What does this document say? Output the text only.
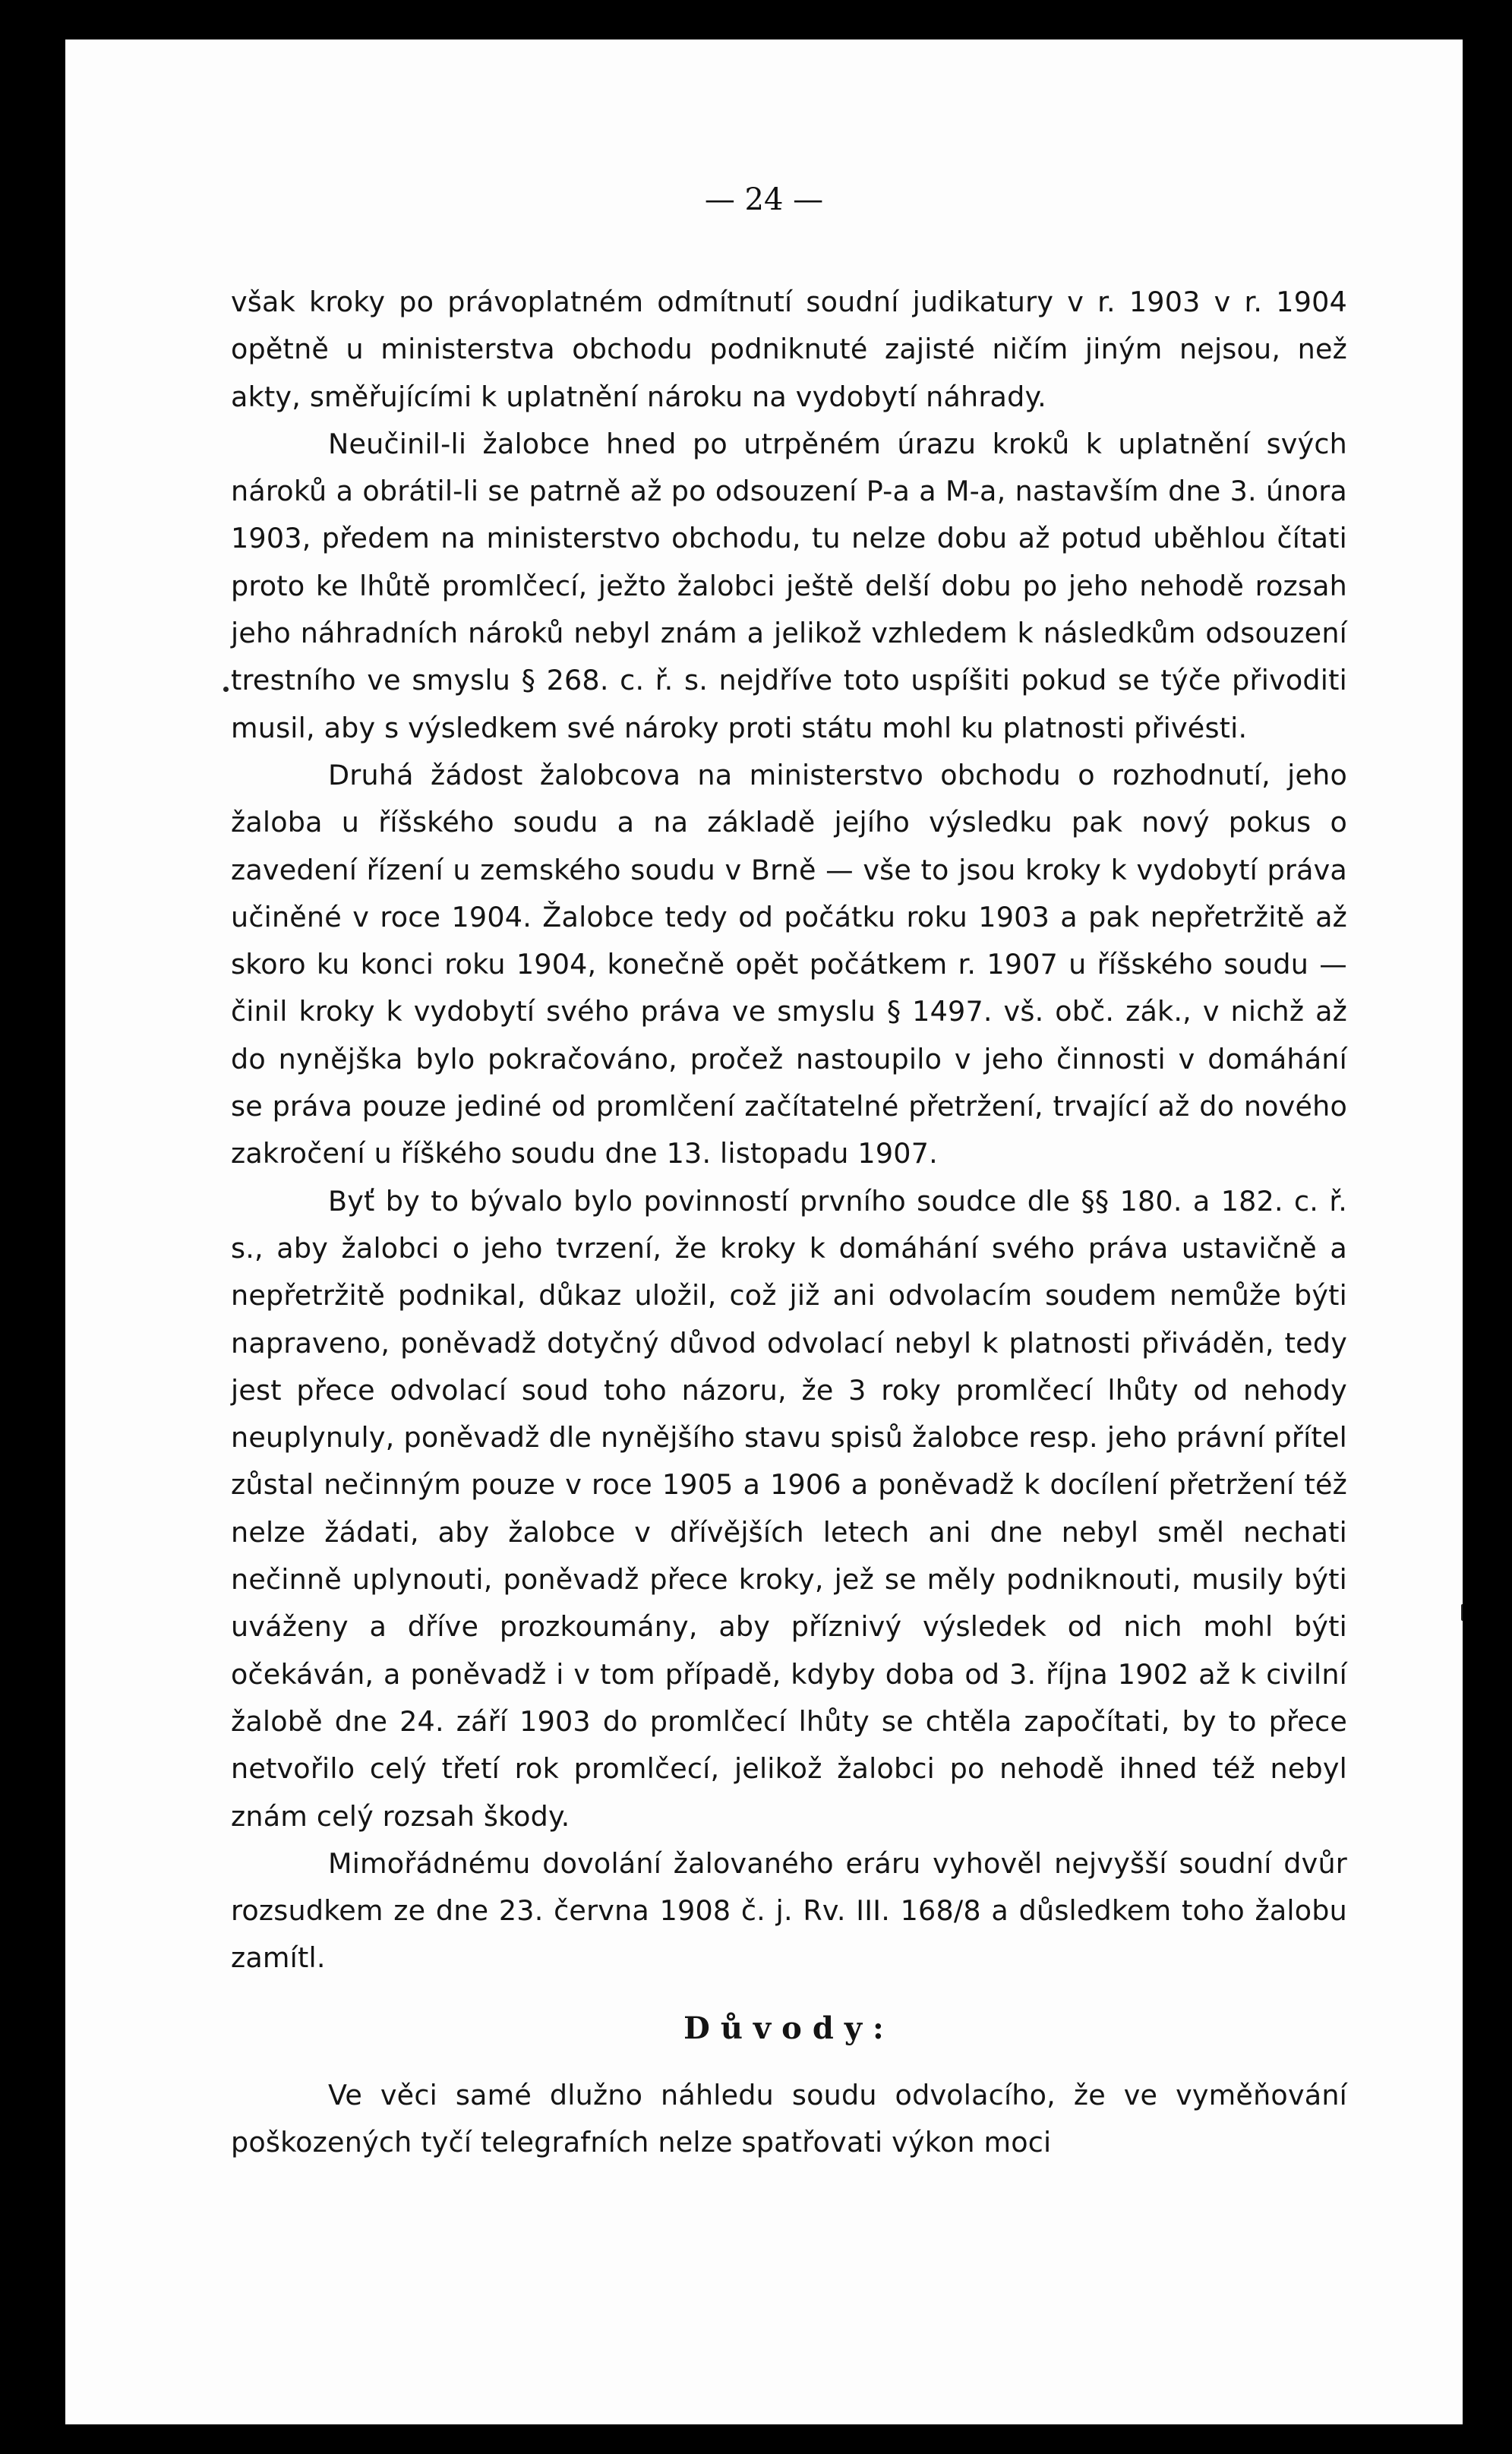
— 24 —

však kroky po právoplatném odmítnutí soudní judikatury v r. 1903 v r. 1904 opětně u ministerstva obchodu podniknuté zajisté ničím jiným nejsou, než akty, směřujícími k uplatnění nároku na vydobytí náhrady.

Neučinil-li žalobce hned po utrpěném úrazu kroků k uplatnění svých nároků a obrátil-li se patrně až po odsouzení P-a a M-a, nastavším dne 3. února 1903, předem na ministerstvo obchodu, tu nelze dobu až potud uběhlou čítati proto ke lhůtě promlčecí, ježto žalobci ještě delší dobu po jeho nehodě rozsah jeho náhradních nároků nebyl znám a jelikož vzhledem k následkům odsouzení trestního ve smyslu § 268. c. ř. s. nejdříve toto uspíšiti pokud se týče přivoditi musil, aby s výsledkem své nároky proti státu mohl ku platnosti přivésti.

Druhá žádost žalobcova na ministerstvo obchodu o rozhodnutí, jeho žaloba u říšského soudu a na základě jejího výsledku pak nový pokus o zavedení řízení u zemského soudu v Brně — vše to jsou kroky k vydobytí práva učiněné v roce 1904. Žalobce tedy od počátku roku 1903 a pak nepřetržitě až skoro ku konci roku 1904, konečně opět počátkem r. 1907 u říšského soudu — činil kroky k vydobytí svého práva ve smyslu § 1497. vš. obč. zák., v nichž až do nynějška bylo pokračováno, pročež nastoupilo v jeho činnosti v domáhání se práva pouze jediné od promlčení začítatelné přetržení, trvající až do nového zakročení u říškého soudu dne 13. listopadu 1907.

Byť by to bývalo bylo povinností prvního soudce dle §§ 180. a 182. c. ř. s., aby žalobci o jeho tvrzení, že kroky k domáhání svého práva ustavičně a nepřetržitě podnikal, důkaz uložil, což již ani odvolacím soudem nemůže býti napraveno, poněvadž dotyčný důvod odvolací nebyl k platnosti přiváděn, tedy jest přece odvolací soud toho názoru, že 3 roky promlčecí lhůty od nehody neuplynuly, poněvadž dle nynějšího stavu spisů žalobce resp. jeho právní přítel zůstal nečinným pouze v roce 1905 a 1906 a poněvadž k docílení přetržení též nelze žádati, aby žalobce v dřívějších letech ani dne nebyl směl nechati nečinně uplynouti, poněvadž přece kroky, jež se měly podniknouti, musily býti uváženy a dříve prozkoumány, aby příznivý výsledek od nich mohl býti očekáván, a poněvadž i v tom případě, kdyby doba od 3. října 1902 až k civilní žalobě dne 24. září 1903 do promlčecí lhůty se chtěla započítati, by to přece netvořilo celý třetí rok promlčecí, jelikož žalobci po nehodě ihned též nebyl znám celý rozsah škody.

Mimořádnému dovolání žalovaného eráru vyhověl nejvyšší soudní dvůr rozsudkem ze dne 23. června 1908 č. j. Rv. III. 168/8 a důsledkem toho žalobu zamítl.

Důvody:

Ve věci samé dlužno náhledu soudu odvolacího, že ve vyměňování poškozených tyčí telegrafních nelze spatřovati výkon moci
